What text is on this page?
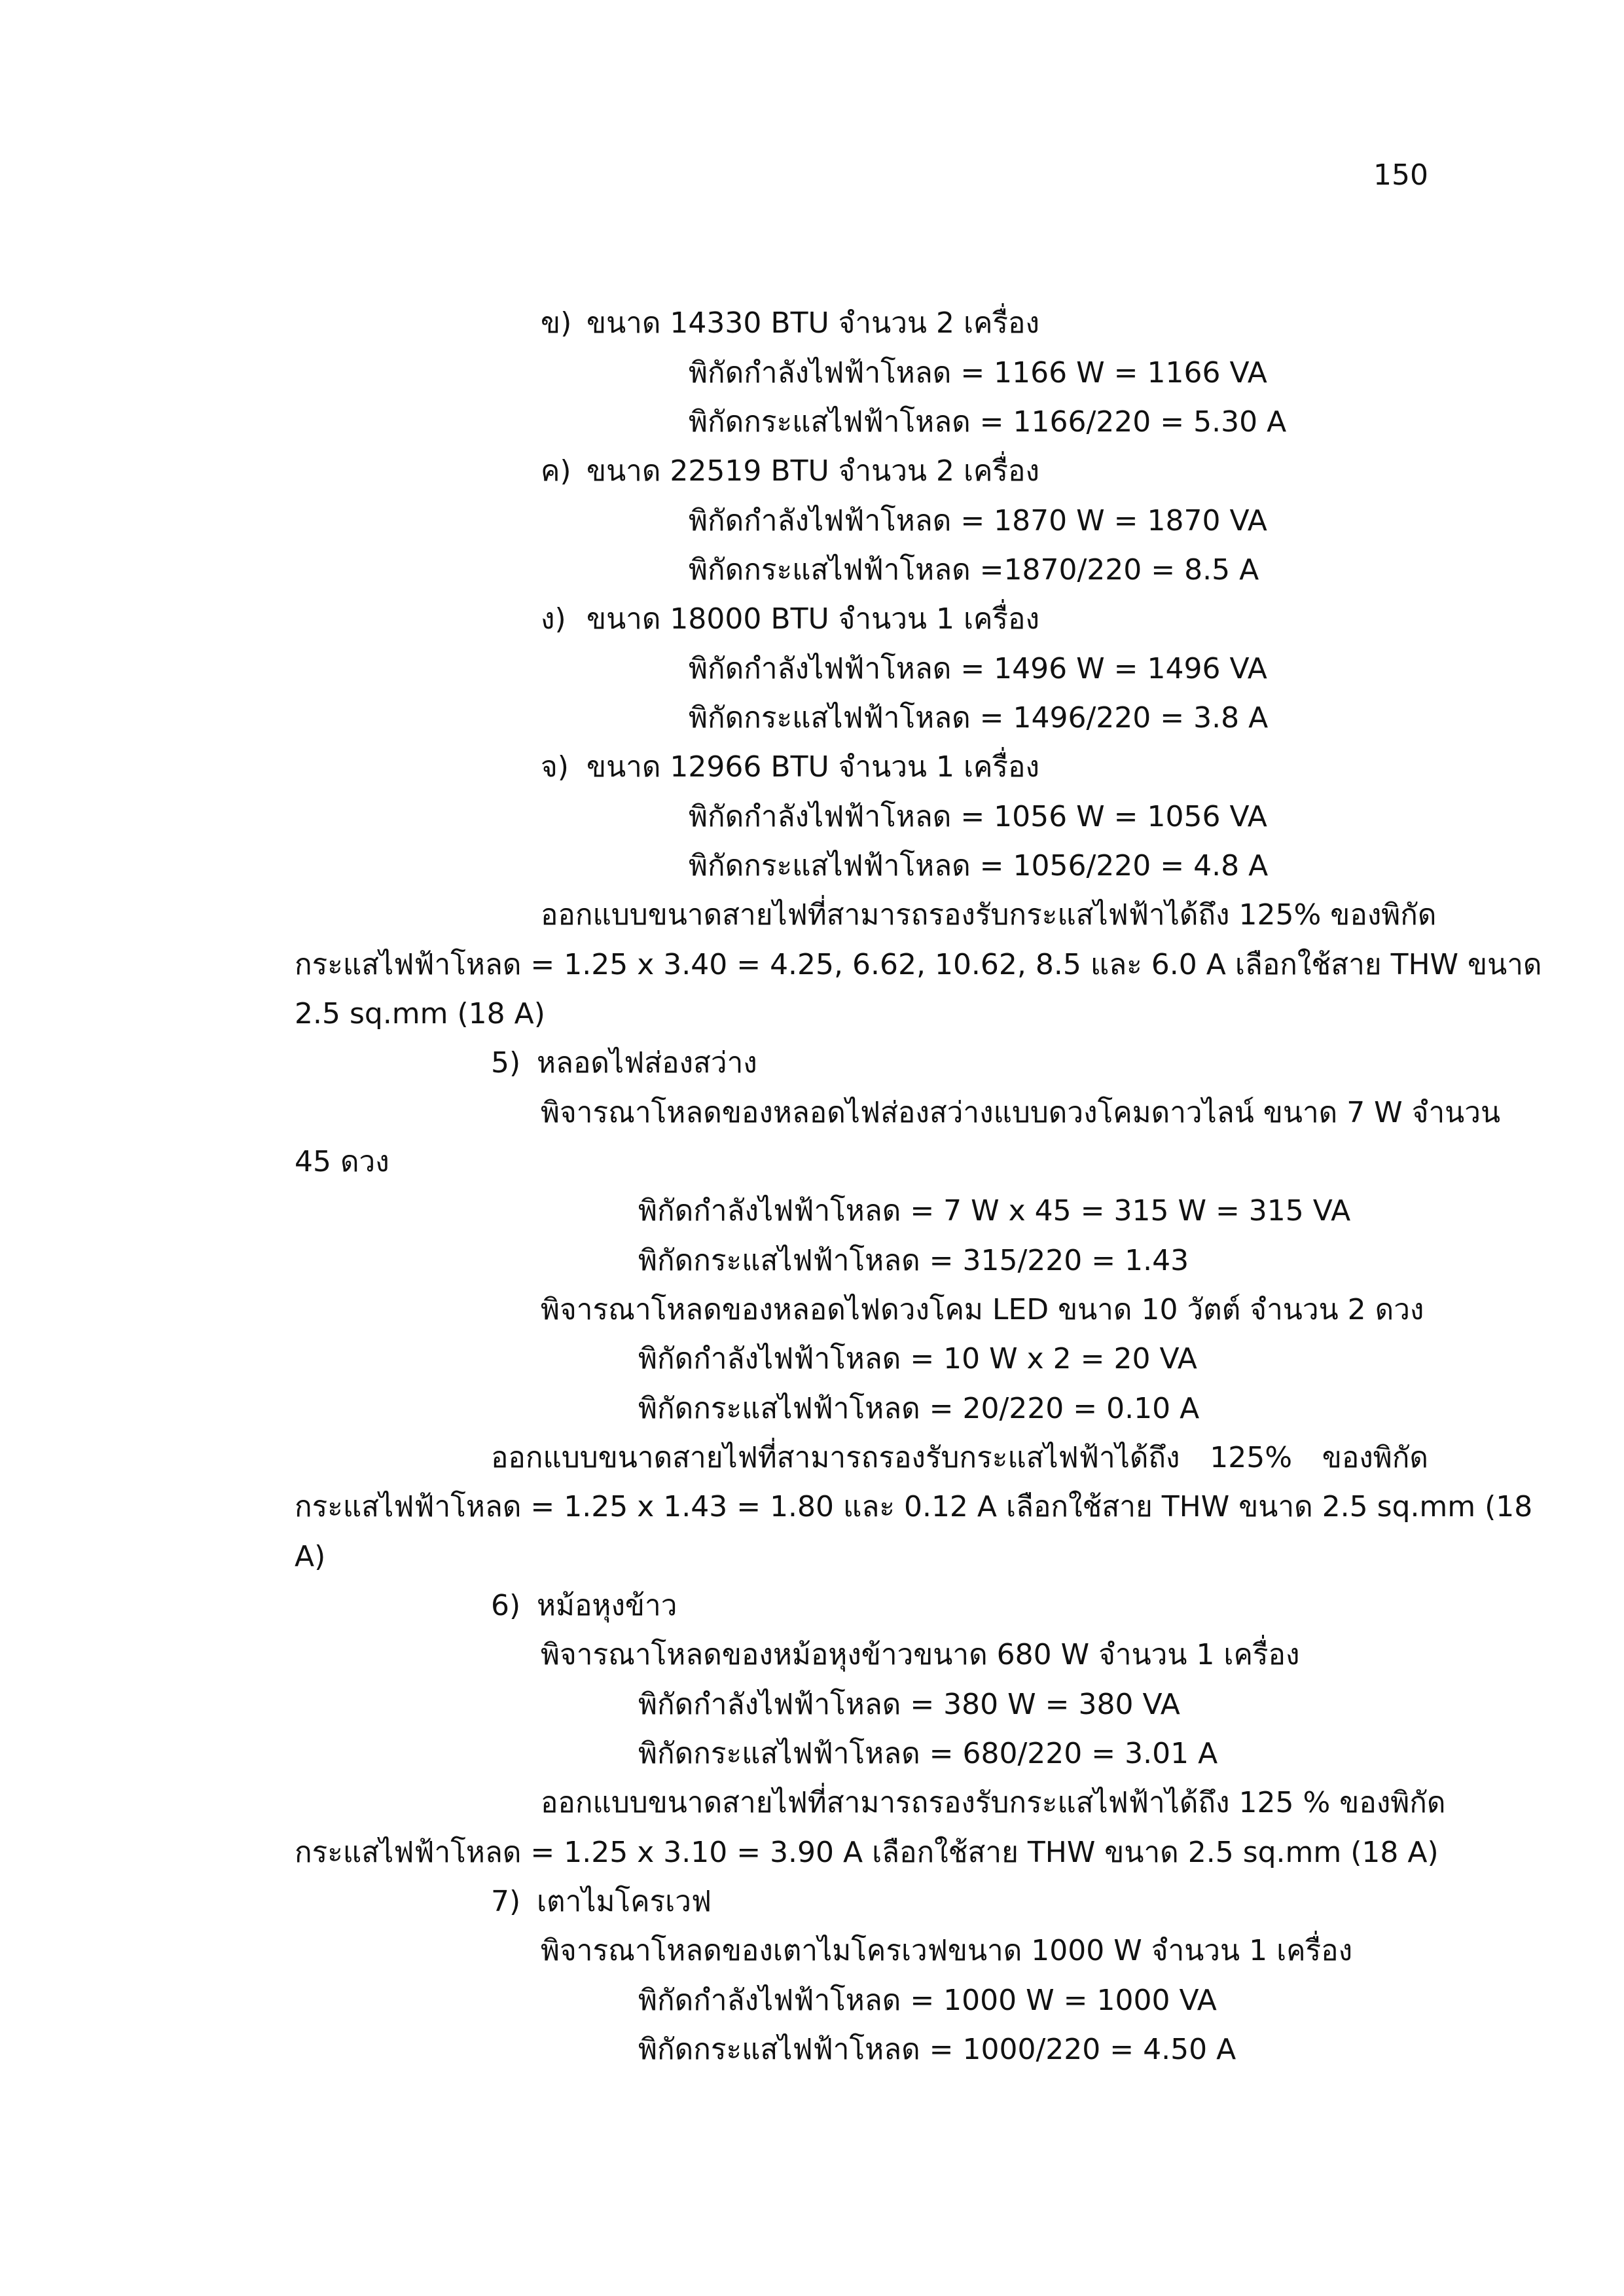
150
ข) ขนาด 14330 BTU จำนวน 2 เครื่อง
พิกัดกำลังไฟฟ้าโหลด = 1166 W = 1166 VA
พิกัดกระแสไฟฟ้าโหลด = 1166/220 = 5.30 A
ค) ขนาด 22519 BTU จำนวน 2 เครื่อง
พิกัดกำลังไฟฟ้าโหลด = 1870 W = 1870 VA
พิกัดกระแสไฟฟ้าโหลด =1870/220 = 8.5 A
ง) ขนาด 18000 BTU จำนวน 1 เครื่อง
พิกัดกำลังไฟฟ้าโหลด = 1496 W = 1496 VA
พิกัดกระแสไฟฟ้าโหลด = 1496/220 = 3.8 A
จ) ขนาด 12966 BTU จำนวน 1 เครื่อง
พิกัดกำลังไฟฟ้าโหลด = 1056 W = 1056 VA
พิกัดกระแสไฟฟ้าโหลด = 1056/220 = 4.8 A
ออกแบบขนาดสายไฟที่สามารถรองรับกระแสไฟฟ้าได้ถึง 125% ของพิกัด
กระแสไฟฟ้าโหลด = 1.25 x 3.40 = 4.25, 6.62, 10.62, 8.5 และ 6.0 A เลือกใช้สาย THW ขนาด
2.5 sq.mm (18 A)
5) หลอดไฟส่องสว่าง
พิจารณาโหลดของหลอดไฟส่องสว่างแบบดวงโคมดาวไลน์ ขนาด 7 W จำนวน
45 ดวง
พิกัดกำลังไฟฟ้าโหลด = 7 W x 45 = 315 W = 315 VA
พิกัดกระแสไฟฟ้าโหลด = 315/220 = 1.43
พิจารณาโหลดของหลอดไฟดวงโคม LED ขนาด 10 วัตต์ จำนวน 2 ดวง
พิกัดกำลังไฟฟ้าโหลด = 10 W x 2 = 20 VA
พิกัดกระแสไฟฟ้าโหลด = 20/220 = 0.10 A
ออกแบบขนาดสายไฟที่สามารถรองรับกระแสไฟฟ้าได้ถึง 125% ของพิกัด
กระแสไฟฟ้าโหลด = 1.25 x 1.43 = 1.80 และ 0.12 A เลือกใช้สาย THW ขนาด 2.5 sq.mm (18
A)
6) หม้อหุงข้าว
พิจารณาโหลดของหม้อหุงข้าวขนาด 680 W จำนวน 1 เครื่อง
พิกัดกำลังไฟฟ้าโหลด = 380 W = 380 VA
พิกัดกระแสไฟฟ้าโหลด = 680/220 = 3.01 A
ออกแบบขนาดสายไฟที่สามารถรองรับกระแสไฟฟ้าได้ถึง 125 % ของพิกัด
กระแสไฟฟ้าโหลด = 1.25 x 3.10 = 3.90 A เลือกใช้สาย THW ขนาด 2.5 sq.mm (18 A)
7) เตาไมโครเวฟ
พิจารณาโหลดของเตาไมโครเวฟขนาด 1000 W จำนวน 1 เครื่อง
พิกัดกำลังไฟฟ้าโหลด = 1000 W = 1000 VA
พิกัดกระแสไฟฟ้าโหลด = 1000/220 = 4.50 A
